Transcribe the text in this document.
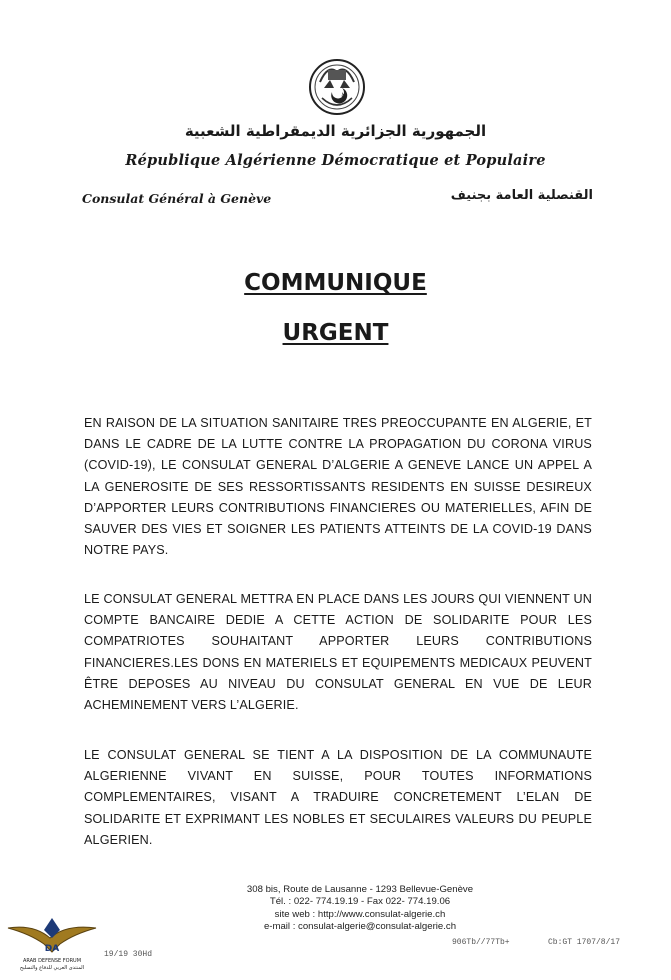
الجمهورية الجزائرية الديمقراطية الشعبية
République Algérienne Démocratique et Populaire
Consulat Général à Genève	القنصلية العامة بجنيف
COMMUNIQUE
URGENT

EN RAISON DE LA SITUATION SANITAIRE TRES PREOCCUPANTE EN ALGERIE, ET DANS LE CADRE DE LA LUTTE CONTRE LA PROPAGATION DU CORONA VIRUS (COVID-19), LE CONSULAT GENERAL D’ALGERIE A GENEVE LANCE UN APPEL A LA GENEROSITE DE SES RESSORTISSANTS RESIDENTS EN SUISSE DESIREUX D’APPORTER LEURS CONTRIBUTIONS FINANCIERES OU MATERIELLES, AFIN DE SAUVER DES VIES ET SOIGNER LES PATIENTS ATTEINTS DE LA COVID-19 DANS NOTRE PAYS.

LE CONSULAT GENERAL METTRA EN PLACE DANS LES JOURS QUI VIENNENT UN COMPTE BANCAIRE DEDIE A CETTE ACTION DE SOLIDARITE POUR LES COMPATRIOTES SOUHAITANT APPORTER LEURS CONTRIBUTIONS FINANCIERES.LES DONS EN MATERIELS ET EQUIPEMENTS MEDICAUX PEUVENT ÊTRE DEPOSES AU NIVEAU DU CONSULAT GENERAL EN VUE DE LEUR ACHEMINEMENT VERS L’ALGERIE.

LE CONSULAT GENERAL SE TIENT A LA DISPOSITION DE LA COMMUNAUTE ALGERIENNE VIVANT EN SUISSE, POUR TOUTES INFORMATIONS COMPLEMENTAIRES, VISANT A TRADUIRE CONCRETEMENT L’ELAN DE SOLIDARITE ET EXPRIMANT LES NOBLES ET SECULAIRES VALEURS DU PEUPLE ALGERIEN.

308 bis, Route de Lausanne - 1293 Bellevue-Genève
Tél. : 022- 774.19.19 - Fax 022- 774.19.06
site web : http://www.consulat-algerie.ch
e-mail : consulat-algerie@consulat-algerie.ch
19/19 30Hd
906Tb//77Tb+	Cb:GT 1707/8/17
DA
ARAB DEFENSE FORUM
المنتدى العربي للدفاع والتسليح
